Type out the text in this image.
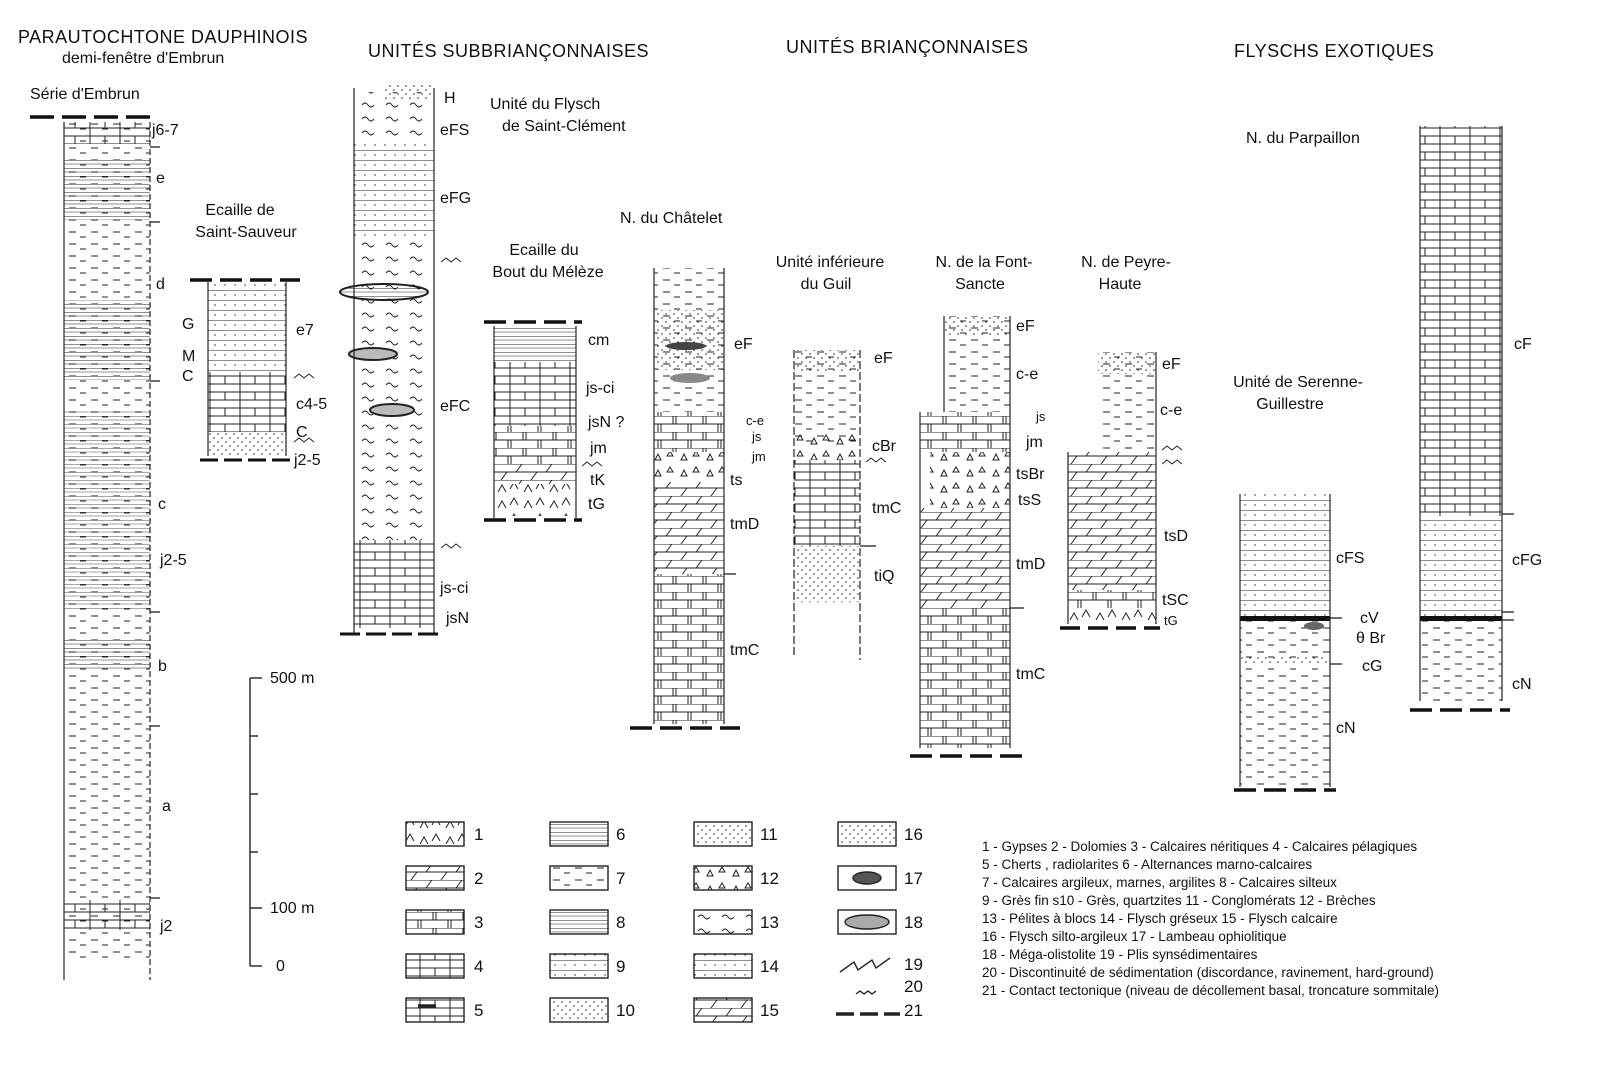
PARAUTOCHTONE DAUPHINOIS
demi-fenêtre d'Embrun	UNITÉS SUBBRIANÇONNAISES	UNITÉS BRIANÇONNAISES	FLYSCHS EXOTIQUES
Série d'Embrun
Ecaille de
Saint-Sauveur
Unité du Flysch
de Saint-Clément
Ecaille du
Bout du Mélèze
N. du Châtelet
Unité inférieure
du Guil
N. de la Font-
Sancte
N. de Peyre-
Haute
Unité de Serenne-
Guillestre
N. du Parpaillon
j6-7
e
d
c
j2-5
b
a
j2
e7
G
M
C
c4-5
C
j2-5
H
eFS
eFG
eFC
js-ci
jsN
cm
js-ci
jsN ?
jm
tK
tG
eF
c-e
js
jm
ts
tmD
tmC
eF
cBr
tmC
tiQ
eF
c-e
js
jm
tsBr
tsS
tmD
tmC
eF
c-e
tsD
tSC
tG
cFS
cV
θ Br
cG
cN
cF
cFG
cN
500 m
100 m
0
1
2
3
4
5
6
7
8
9
10
11
12
13
14
15
16
17
18
19
20
21
1 - Gypses 2 - Dolomies 3 - Calcaires néritiques 4 - Calcaires pélagiques
5 - Cherts , radiolarites 6 - Alternances marno-calcaires
7 - Calcaires argileux, marnes, argilites 8 - Calcaires silteux
9 - Grès fin s10 - Grès, quartzites 11 - Conglomérats 12 - Brèches
13 - Pélites à blocs 14 - Flysch gréseux 15 - Flysch calcaire
16 - Flysch silto-argileux 17 - Lambeau ophiolitique
18 - Méga-olistolite 19 - Plis synsédimentaires
20 - Discontinuité de sédimentation (discordance, ravinement, hard-ground)
21 - Contact tectonique (niveau de décollement basal, troncature sommitale)
